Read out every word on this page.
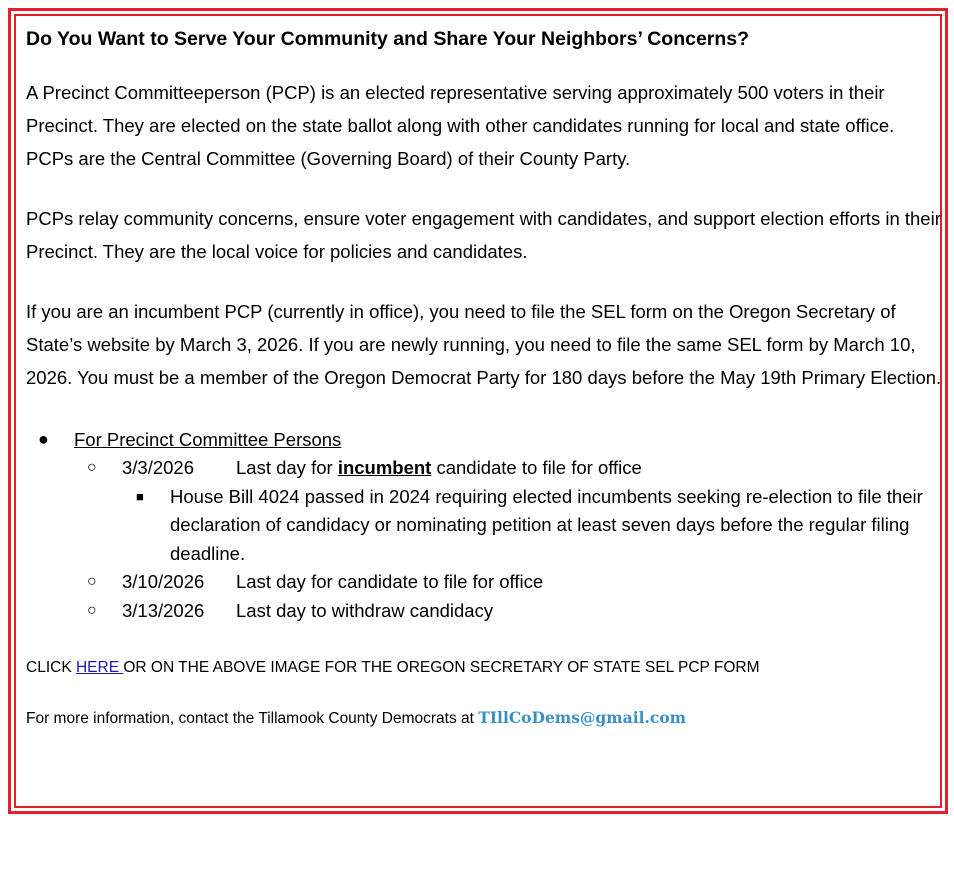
Do You Want to Serve Your Community and Share Your Neighbors’ Concerns?

A Precinct Committeeperson (PCP) is an elected representative serving approximately 500 voters in their Precinct. They are elected on the state ballot along with other candidates running for local and state office. PCPs are the Central Committee (Governing Board) of their County Party.

PCPs relay community concerns, ensure voter engagement with candidates, and support election efforts in their Precinct. They are the local voice for policies and candidates.

If you are an incumbent PCP (currently in office), you need to file the SEL form on the Oregon Secretary of State’s website by March 3, 2026. If you are newly running, you need to file the same SEL form by March 10, 2026. You must be a member of the Oregon Democrat Party for 180 days before the May 19th Primary Election.

● For Precinct Committee Persons
○ 3/3/2026 Last day for incumbent candidate to file for office
■ House Bill 4024 passed in 2024 requiring elected incumbents seeking re-election to file their declaration of candidacy or nominating petition at least seven days before the regular filing deadline.
○ 3/10/2026 Last day for candidate to file for office
○ 3/13/2026 Last day to withdraw candidacy
CLICK HERE OR ON THE ABOVE IMAGE FOR THE OREGON SECRETARY OF STATE SEL PCP FORM
For more information, contact the Tillamook County Democrats at TIllCoDems@gmail.com
